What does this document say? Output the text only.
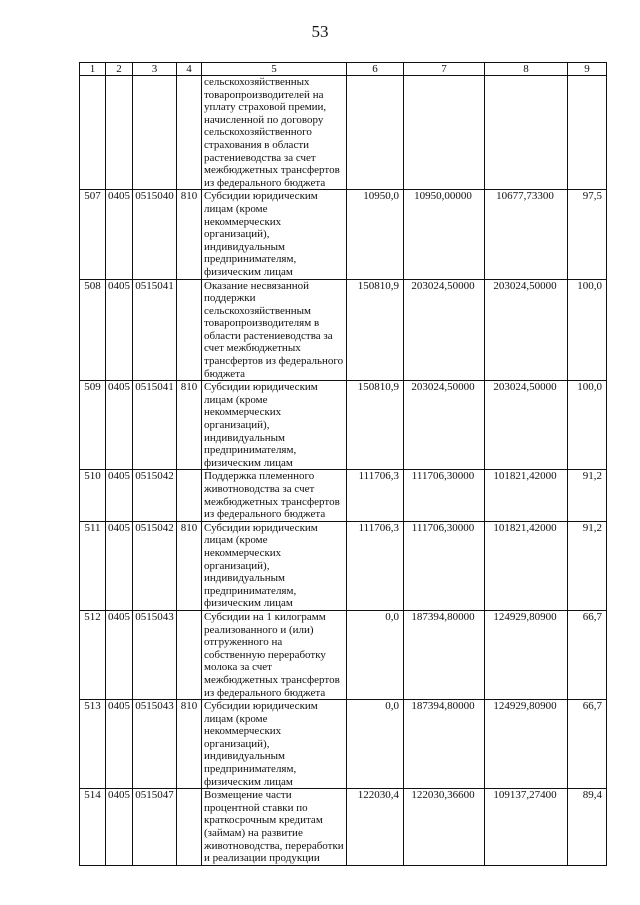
53
1	2	3	4	5	6	7	8	9
				сельскохозяйственных товаропроизводителей на уплату страховой премии, начисленной по договору сельскохозяйственного страхования в области растениеводства за счет межбюджетных трансфертов из федерального бюджета				
507	0405	0515040	810	Субсидии юридическим лицам (кроме некоммерческих организаций), индивидуальным предпринимателям, физическим лицам	10950,0	10950,00000	10677,73300	97,5
508	0405	0515041		Оказание несвязанной поддержки сельскохозяйственным товаропроизводителям в области растениеводства за счет межбюджетных трансфертов из федерального бюджета	150810,9	203024,50000	203024,50000	100,0
509	0405	0515041	810	Субсидии юридическим лицам (кроме некоммерческих организаций), индивидуальным предпринимателям, физическим лицам	150810,9	203024,50000	203024,50000	100,0
510	0405	0515042		Поддержка племенного животноводства за счет межбюджетных трансфертов из федерального бюджета	111706,3	111706,30000	101821,42000	91,2
511	0405	0515042	810	Субсидии юридическим лицам (кроме некоммерческих организаций), индивидуальным предпринимателям, физическим лицам	111706,3	111706,30000	101821,42000	91,2
512	0405	0515043		Субсидии на 1 килограмм реализованного и (или) отгруженного на собственную переработку молока за счет межбюджетных трансфертов из федерального бюджета	0,0	187394,80000	124929,80900	66,7
513	0405	0515043	810	Субсидии юридическим лицам (кроме некоммерческих организаций), индивидуальным предпринимателям, физическим лицам	0,0	187394,80000	124929,80900	66,7
514	0405	0515047		Возмещение части процентной ставки по краткосрочным кредитам (займам) на развитие животноводства, переработки и реализации продукции	122030,4	122030,36600	109137,27400	89,4
